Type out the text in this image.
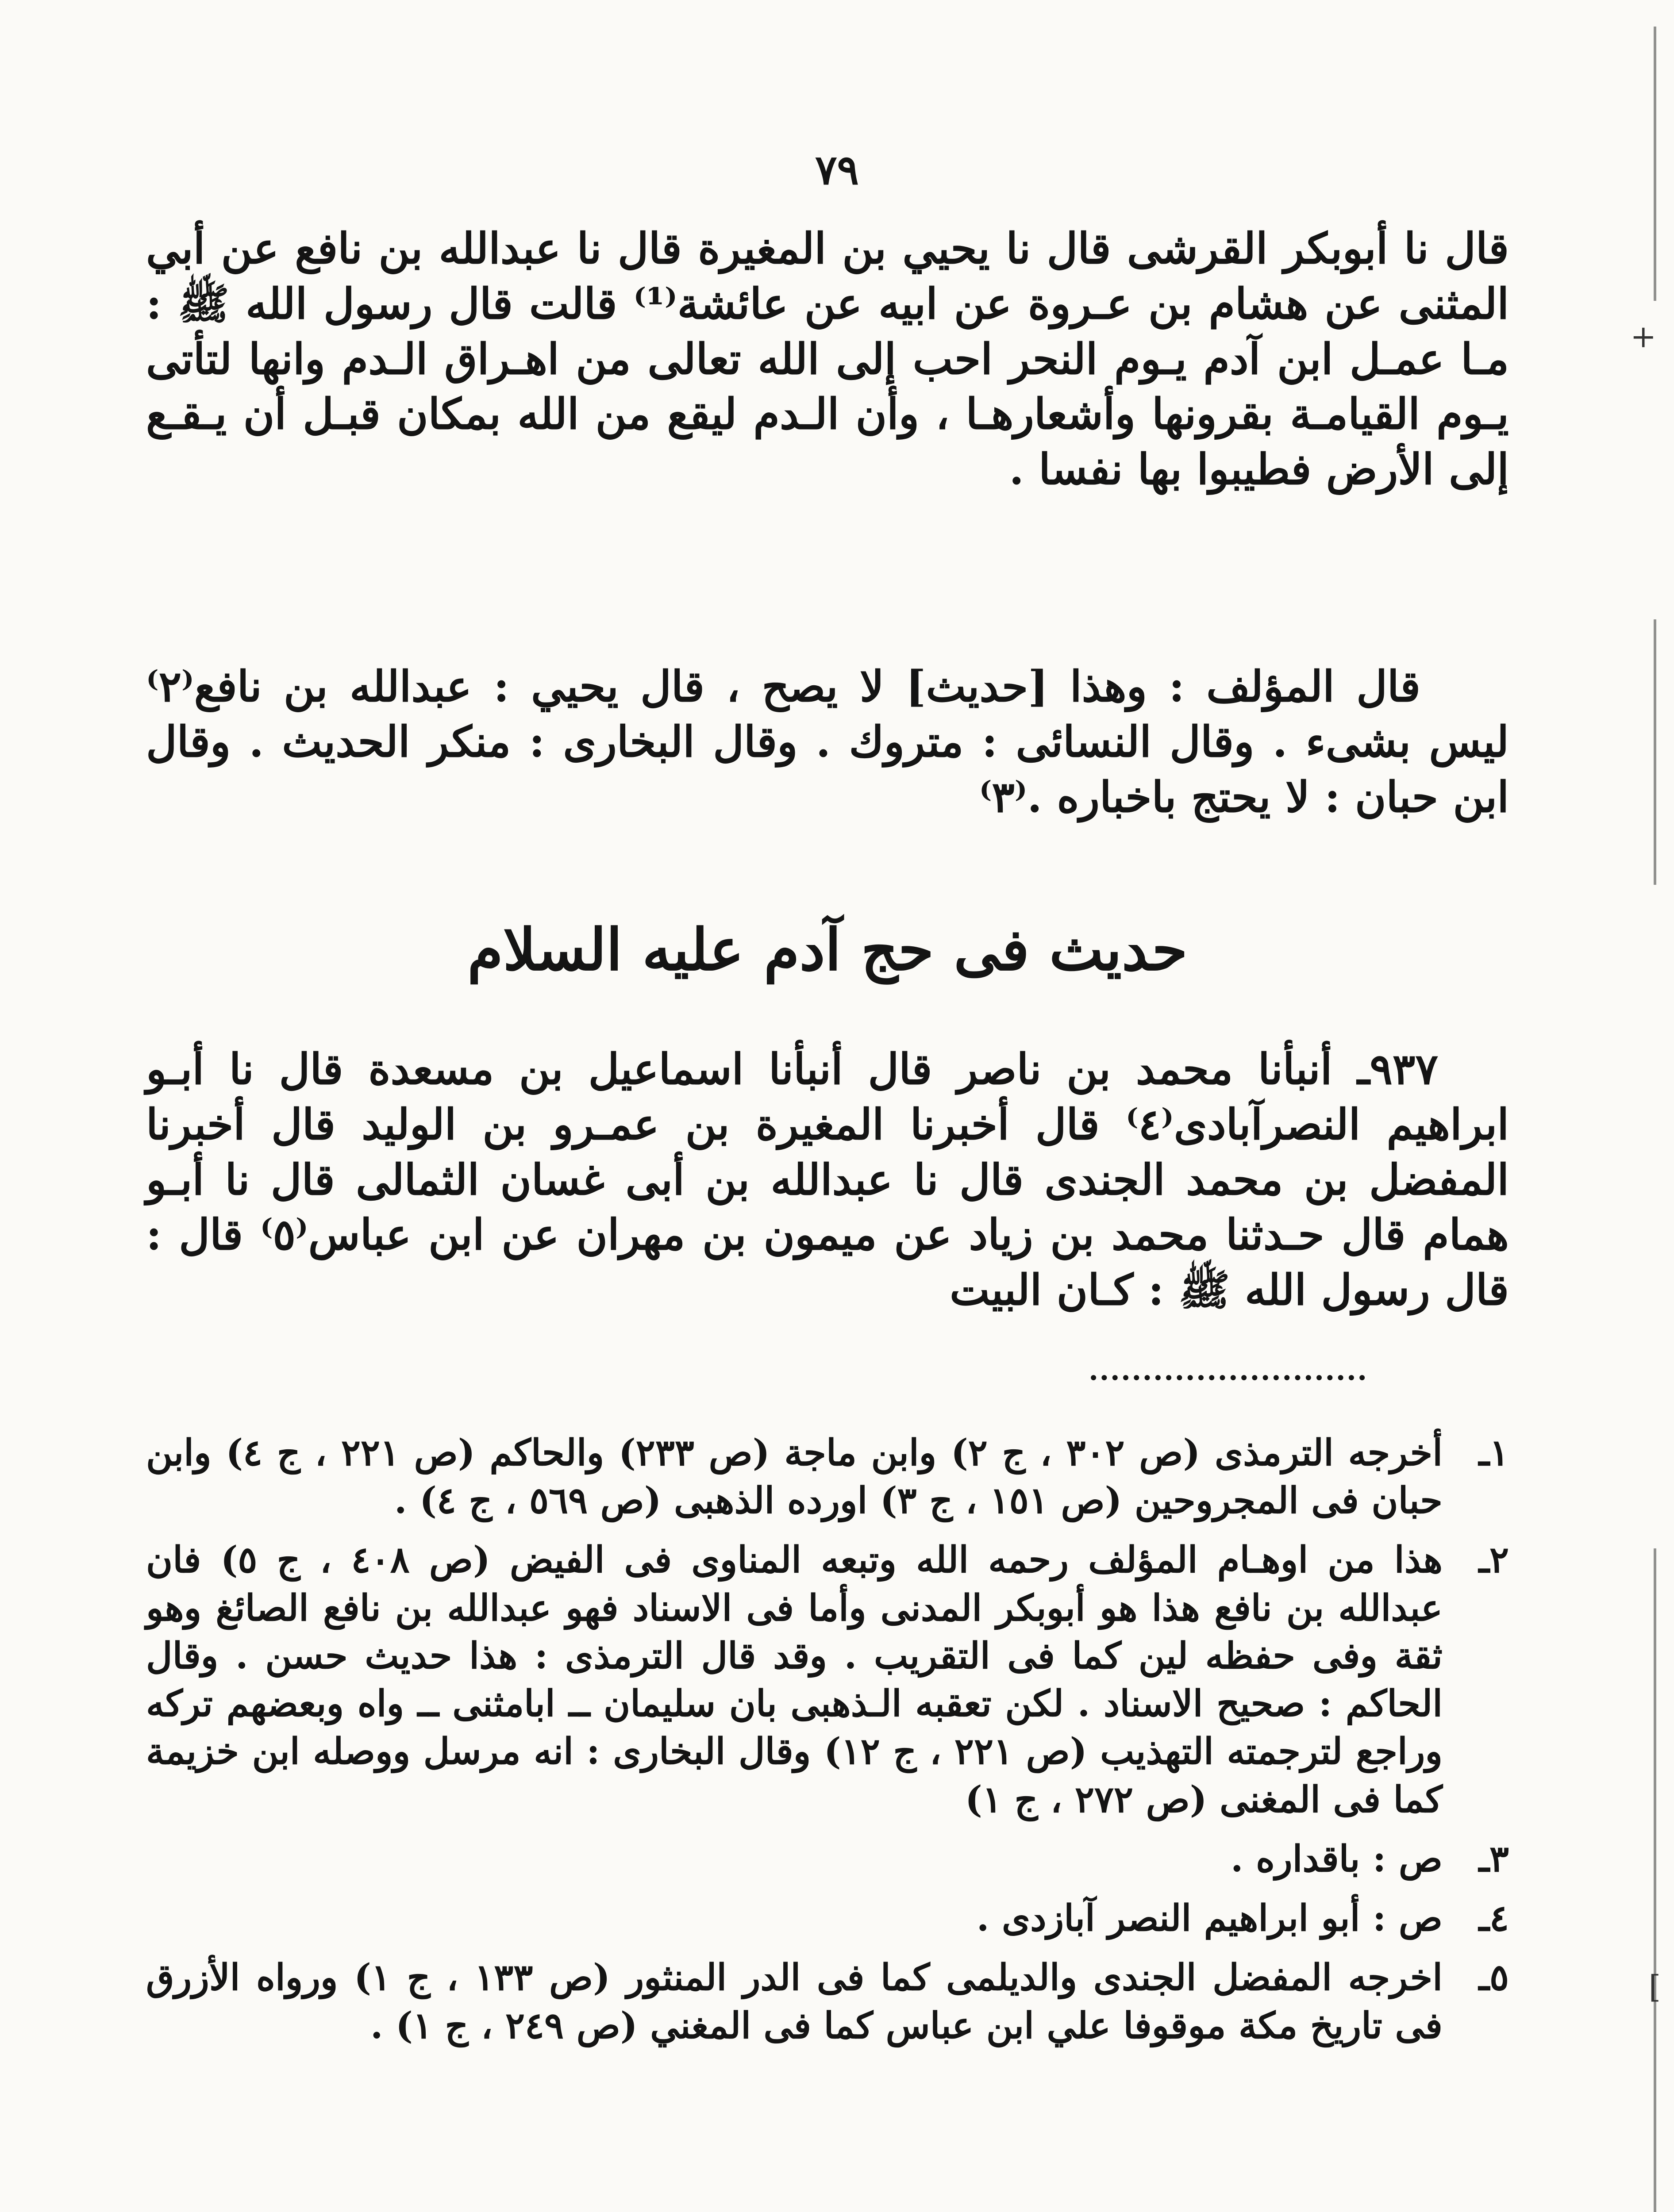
٧٩

قال نا أبوبكر القرشى قال نا يحيي بن المغيرة قال نا عبدالله بن نافع عن أبي المثنى عن هشام بن عـروة عن ابيه عن عائشة⁽¹⁾ قالت قال رسول الله ﷺ : مـا عمـل ابن آدم يـوم النحر احب إلى الله تعالى من اهـراق الـدم وانها لتأتى يـوم القيامـة بقرونها وأشعارهـا ، وأن الـدم ليقع من الله بمكان قبـل أن يـقـع إلى الأرض فطيبوا بها نفسا .

قال المؤلف : وهذا [حديث] لا يصح ، قال يحيي : عبدالله بن نافع⁽٢⁾ ليس بشىء . وقال النسائى : متروك . وقال البخارى : منكر الحديث . وقال ابن حبان : لا يحتج باخباره .⁽٣⁾

حديث فى حج آدم عليه السلام

٩٣٧ـ أنبأنا محمد بن ناصر قال أنبأنا اسماعيل بن مسعدة قال نا أبـو ابراهيم النصرآبادى⁽٤⁾ قال أخبرنا المغيرة بن عمـرو بن الوليد قال أخبرنا المفضل بن محمد الجندى قال نا عبدالله بن أبى غسان الثمالى قال نا أبـو همام قال حـدثنا محمد بن زياد عن ميمون بن مهران عن ابن عباس⁽٥⁾ قال : قال رسول الله ﷺ : كـان البيت

..........................
١ـ
أخرجه الترمذى (ص ٣٠٢ ، ج ٢) وابن ماجة (ص ٢٣٣) والحاكم (ص ٢٢١ ، ج ٤) وابن حبان فى المجروحين (ص ١٥١ ، ج ٣) اورده الذهبى (ص ٥٦٩ ، ج ٤) .
٢ـ
هذا من اوهـام المؤلف رحمه الله وتبعه المناوى فى الفيض (ص ٤٠٨ ، ج ٥) فان عبدالله بن نافع هذا هو أبوبكر المدنى وأما فى الاسناد فهو عبدالله بن نافع الصائغ وهو ثقة وفى حفظه لين كما فى التقريب . وقد قال الترمذى : هذا حديث حسن . وقال الحاكم : صحيح الاسناد . لكن تعقبه الـذهبى بان سليمان ــ ابامثنى ــ واه وبعضهم تركه وراجع لترجمته التهذيب (ص ٢٢١ ، ج ١٢) وقال البخارى : انه مرسل ووصله ابن خزيمة كما فى المغنى (ص ٢٧٢ ، ج ١)
٣ـ
ص : باقداره .
٤ـ
ص : أبو ابراهيم النصر آبازدى .
٥ـ
اخرجه المفضل الجندى والديلمى كما فى الدر المنثور (ص ١٣٣ ، ج ١) ورواه الأزرق فى تاريخ مكة موقوفا علي ابن عباس كما فى المغني (ص ٢٤٩ ، ج ١) .
+
[
